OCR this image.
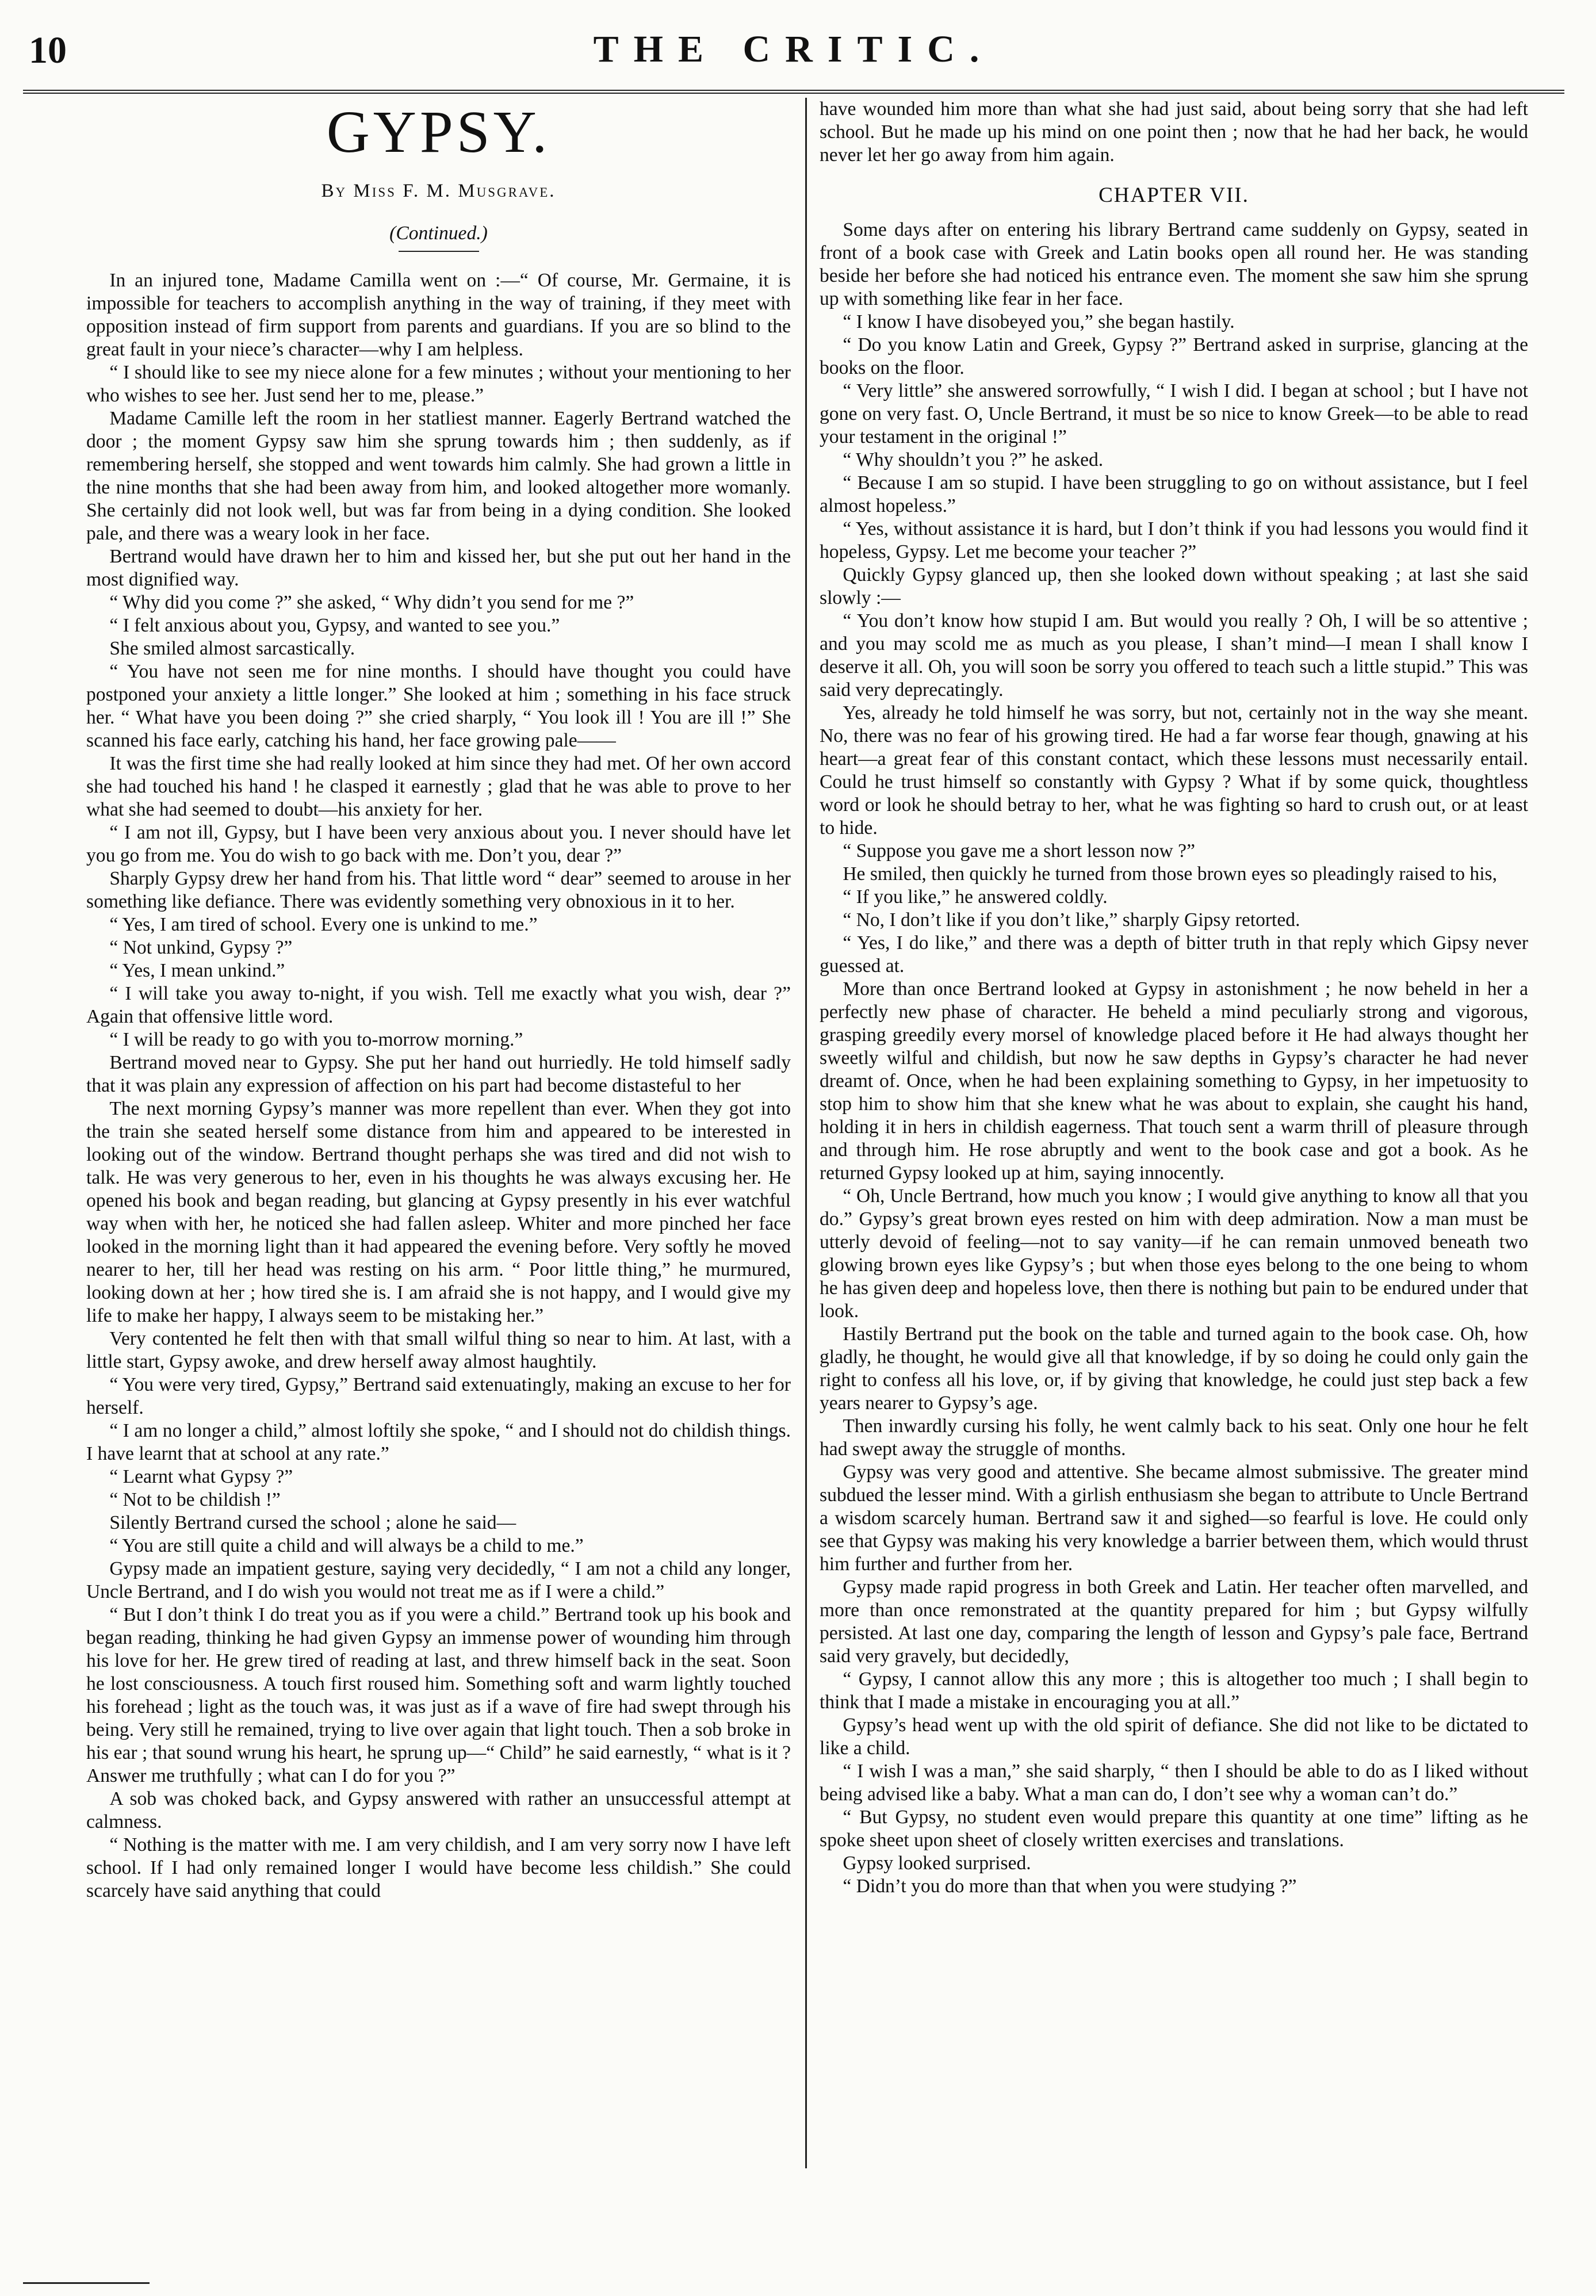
10	THE CRITIC.
GYPSY.
By Miss F. M. Musgrave.
(Continued.)

In an injured tone, Madame Camilla went on :—“ Of course, Mr. Germaine, it is impossible for teachers to accomplish anything in the way of training, if they meet with opposition instead of firm support from parents and guardians. If you are so blind to the great fault in your niece’s character—why I am helpless.

“ I should like to see my niece alone for a few minutes ; without your mentioning to her who wishes to see her. Just send her to me, please.”

Madame Camille left the room in her statliest manner. Eagerly Bertrand watched the door ; the moment Gypsy saw him she sprung towards him ; then suddenly, as if remembering herself, she stopped and went towards him calmly. She had grown a little in the nine months that she had been away from him, and looked altogether more womanly. She certainly did not look well, but was far from being in a dying condition. She looked pale, and there was a weary look in her face.

Bertrand would have drawn her to him and kissed her, but she put out her hand in the most dignified way.

“ Why did you come ?” she asked, “ Why didn’t you send for me ?”

“ I felt anxious about you, Gypsy, and wanted to see you.”

She smiled almost sarcastically.

“ You have not seen me for nine months. I should have thought you could have postponed your anxiety a little longer.” She looked at him ; something in his face struck her. “ What have you been doing ?” she cried sharply, “ You look ill ! You are ill !” She scanned his face early, catching his hand, her face growing pale——

It was the first time she had really looked at him since they had met. Of her own accord she had touched his hand ! he clasped it earnestly ; glad that he was able to prove to her what she had seemed to doubt—his anxiety for her.

“ I am not ill, Gypsy, but I have been very anxious about you. I never should have let you go from me. You do wish to go back with me. Don’t you, dear ?”

Sharply Gypsy drew her hand from his. That little word “ dear” seemed to arouse in her something like defiance. There was evidently something very obnoxious in it to her.

“ Yes, I am tired of school. Every one is unkind to me.”

“ Not unkind, Gypsy ?”

“ Yes, I mean unkind.”

“ I will take you away to-night, if you wish. Tell me exactly what you wish, dear ?” Again that offensive little word.

“ I will be ready to go with you to-morrow morning.”

Bertrand moved near to Gypsy. She put her hand out hurriedly. He told himself sadly that it was plain any expression of affection on his part had become distasteful to her

The next morning Gypsy’s manner was more repellent than ever. When they got into the train she seated herself some distance from him and appeared to be interested in looking out of the window. Bertrand thought perhaps she was tired and did not wish to talk. He was very generous to her, even in his thoughts he was always excusing her. He opened his book and began reading, but glancing at Gypsy presently in his ever watchful way when with her, he noticed she had fallen asleep. Whiter and more pinched her face looked in the morning light than it had appeared the evening before. Very softly he moved nearer to her, till her head was resting on his arm. “ Poor little thing,” he murmured, looking down at her ; how tired she is. I am afraid she is not happy, and I would give my life to make her happy, I always seem to be mistaking her.”

Very contented he felt then with that small wilful thing so near to him. At last, with a little start, Gypsy awoke, and drew herself away almost haughtily.

“ You were very tired, Gypsy,” Bertrand said extenuatingly, making an excuse to her for herself.

“ I am no longer a child,” almost loftily she spoke, “ and I should not do childish things. I have learnt that at school at any rate.”

“ Learnt what Gypsy ?”

“ Not to be childish !”

Silently Bertrand cursed the school ; alone he said—

“ You are still quite a child and will always be a child to me.”

Gypsy made an impatient gesture, saying very decidedly, “ I am not a child any longer, Uncle Bertrand, and I do wish you would not treat me as if I were a child.”

“ But I don’t think I do treat you as if you were a child.” Bertrand took up his book and began reading, thinking he had given Gypsy an immense power of wounding him through his love for her. He grew tired of reading at last, and threw himself back in the seat. Soon he lost consciousness. A touch first roused him. Something soft and warm lightly touched his forehead ; light as the touch was, it was just as if a wave of fire had swept through his being. Very still he remained, trying to live over again that light touch. Then a sob broke in his ear ; that sound wrung his heart, he sprung up—“ Child” he said earnestly, “ what is it ? Answer me truthfully ; what can I do for you ?”

A sob was choked back, and Gypsy answered with rather an unsuccessful attempt at calmness.

“ Nothing is the matter with me. I am very childish, and I am very sorry now I have left school. If I had only remained longer I would have become less childish.” She could scarcely have said anything that could

have wounded him more than what she had just said, about being sorry that she had left school. But he made up his mind on one point then ; now that he had her back, he would never let her go away from him again.

CHAPTER VII.

Some days after on entering his library Bertrand came suddenly on Gypsy, seated in front of a book case with Greek and Latin books open all round her. He was standing beside her before she had noticed his entrance even. The moment she saw him she sprung up with something like fear in her face.

“ I know I have disobeyed you,” she began hastily.

“ Do you know Latin and Greek, Gypsy ?” Bertrand asked in surprise, glancing at the books on the floor.

“ Very little” she answered sorrowfully, “ I wish I did. I began at school ; but I have not gone on very fast. O, Uncle Bertrand, it must be so nice to know Greek—to be able to read your testament in the original !”

“ Why shouldn’t you ?” he asked.

“ Because I am so stupid. I have been struggling to go on without assistance, but I feel almost hopeless.”

“ Yes, without assistance it is hard, but I don’t think if you had lessons you would find it hopeless, Gypsy. Let me become your teacher ?”

Quickly Gypsy glanced up, then she looked down without speaking ; at last she said slowly :—

“ You don’t know how stupid I am. But would you really ? Oh, I will be so attentive ; and you may scold me as much as you please, I shan’t mind—I mean I shall know I deserve it all. Oh, you will soon be sorry you offered to teach such a little stupid.” This was said very deprecatingly.

Yes, already he told himself he was sorry, but not, certainly not in the way she meant. No, there was no fear of his growing tired. He had a far worse fear though, gnawing at his heart—a great fear of this constant contact, which these lessons must necessarily entail. Could he trust himself so constantly with Gypsy ? What if by some quick, thoughtless word or look he should betray to her, what he was fighting so hard to crush out, or at least to hide.

“ Suppose you gave me a short lesson now ?”

He smiled, then quickly he turned from those brown eyes so pleadingly raised to his,

“ If you like,” he answered coldly.

“ No, I don’t like if you don’t like,” sharply Gipsy retorted.

“ Yes, I do like,” and there was a depth of bitter truth in that reply which Gipsy never guessed at.

More than once Bertrand looked at Gypsy in astonishment ; he now beheld in her a perfectly new phase of character. He beheld a mind peculiarly strong and vigorous, grasping greedily every morsel of knowledge placed before it He had always thought her sweetly wilful and childish, but now he saw depths in Gypsy’s character he had never dreamt of. Once, when he had been explaining something to Gypsy, in her impetuosity to stop him to show him that she knew what he was about to explain, she caught his hand, holding it in hers in childish eagerness. That touch sent a warm thrill of pleasure through and through him. He rose abruptly and went to the book case and got a book. As he returned Gypsy looked up at him, saying innocently.

“ Oh, Uncle Bertrand, how much you know ; I would give anything to know all that you do.” Gypsy’s great brown eyes rested on him with deep admiration. Now a man must be utterly devoid of feeling—not to say vanity—if he can remain unmoved beneath two glowing brown eyes like Gypsy’s ; but when those eyes belong to the one being to whom he has given deep and hopeless love, then there is nothing but pain to be endured under that look.

Hastily Bertrand put the book on the table and turned again to the book case. Oh, how gladly, he thought, he would give all that knowledge, if by so doing he could only gain the right to confess all his love, or, if by giving that knowledge, he could just step back a few years nearer to Gypsy’s age.

Then inwardly cursing his folly, he went calmly back to his seat. Only one hour he felt had swept away the struggle of months.

Gypsy was very good and attentive. She became almost submissive. The greater mind subdued the lesser mind. With a girlish enthusiasm she began to attribute to Uncle Bertrand a wisdom scarcely human. Bertrand saw it and sighed—so fearful is love. He could only see that Gypsy was making his very knowledge a barrier between them, which would thrust him further and further from her.

Gypsy made rapid progress in both Greek and Latin. Her teacher often marvelled, and more than once remonstrated at the quantity prepared for him ; but Gypsy wilfully persisted. At last one day, comparing the length of lesson and Gypsy’s pale face, Bertrand said very gravely, but decidedly,

“ Gypsy, I cannot allow this any more ; this is altogether too much ; I shall begin to think that I made a mistake in encouraging you at all.”

Gypsy’s head went up with the old spirit of defiance. She did not like to be dictated to like a child.

“ I wish I was a man,” she said sharply, “ then I should be able to do as I liked without being advised like a baby. What a man can do, I don’t see why a woman can’t do.”

“ But Gypsy, no student even would prepare this quantity at one time” lifting as he spoke sheet upon sheet of closely written exercises and translations.

Gypsy looked surprised.

“ Didn’t you do more than that when you were studying ?”
